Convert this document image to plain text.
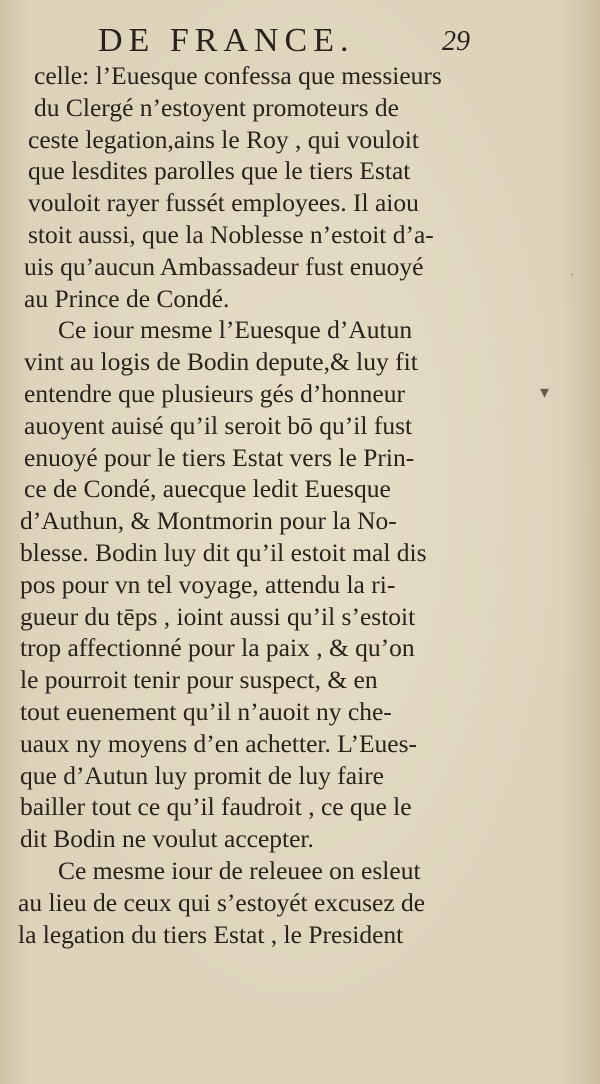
DE FRANCE.	29
celle: l’Euesque confessa que messieurs
du Clergé n’estoyent promoteurs de
ceste legation,ains le Roy , qui vouloit
que lesdites parolles que le tiers Estat
vouloit rayer fussét employees. Il aiou
stoit aussi, que la Noblesse n’estoit d’a-
uis qu’aucun Ambassadeur fust enuoyé
au Prince de Condé.
Ce iour mesme l’Euesque d’Autun
vint au logis de Bodin depute,& luy fit
entendre que plusieurs gés d’honneur
auoyent auisé qu’il seroit bō qu’il fust
enuoyé pour le tiers Estat vers le Prin-
ce de Condé, auecque ledit Euesque
d’Authun, & Montmorin pour la No-
blesse. Bodin luy dit qu’il estoit mal dis
pos pour vn tel voyage, attendu la ri-
gueur du tēps , ioint aussi qu’il s’estoit
trop affectionné pour la paix , & qu’on
le pourroit tenir pour suspect, & en
tout euenement qu’il n’auoit ny che-
uaux ny moyens d’en achetter. L’Eues-
que d’Autun luy promit de luy faire
bailler tout ce qu’il faudroit , ce que le
dit Bodin ne voulut accepter.
Ce mesme iour de releuee on esleut
au lieu de ceux qui s’estoyét excusez de
la legation du tiers Estat , le President
▾
ˎ
